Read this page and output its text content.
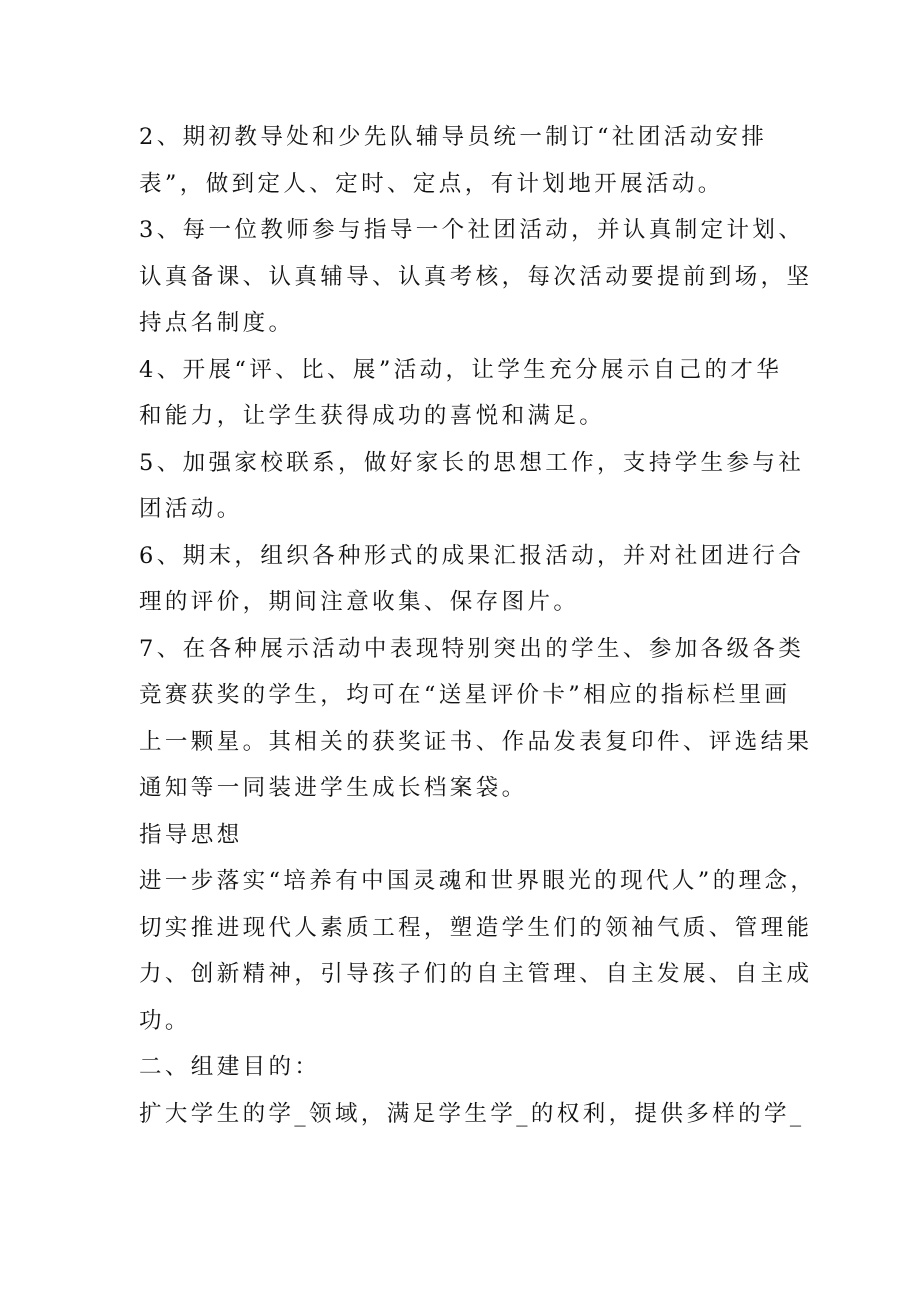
2、期初教导处和少先队辅导员统一制订“社团活动安排
表”，做到定人、定时、定点，有计划地开展活动。
3、每一位教师参与指导一个社团活动，并认真制定计划、
认真备课、认真辅导、认真考核，每次活动要提前到场，坚
持点名制度。
4、开展“评、比、展”活动，让学生充分展示自己的才华
和能力，让学生获得成功的喜悦和满足。
5、加强家校联系，做好家长的思想工作，支持学生参与社
团活动。
6、期末，组织各种形式的成果汇报活动，并对社团进行合
理的评价，期间注意收集、保存图片。
7、在各种展示活动中表现特别突出的学生、参加各级各类
竞赛获奖的学生，均可在“送星评价卡”相应的指标栏里画
上一颗星。其相关的获奖证书、作品发表复印件、评选结果
通知等一同装进学生成长档案袋。
指导思想
进一步落实“培养有中国灵魂和世界眼光的现代人”的理念，
切实推进现代人素质工程，塑造学生们的领袖气质、管理能
力、创新精神，引导孩子们的自主管理、自主发展、自主成
功。
二、组建目的：
扩大学生的学_领域，满足学生学_的权利，提供多样的学_
